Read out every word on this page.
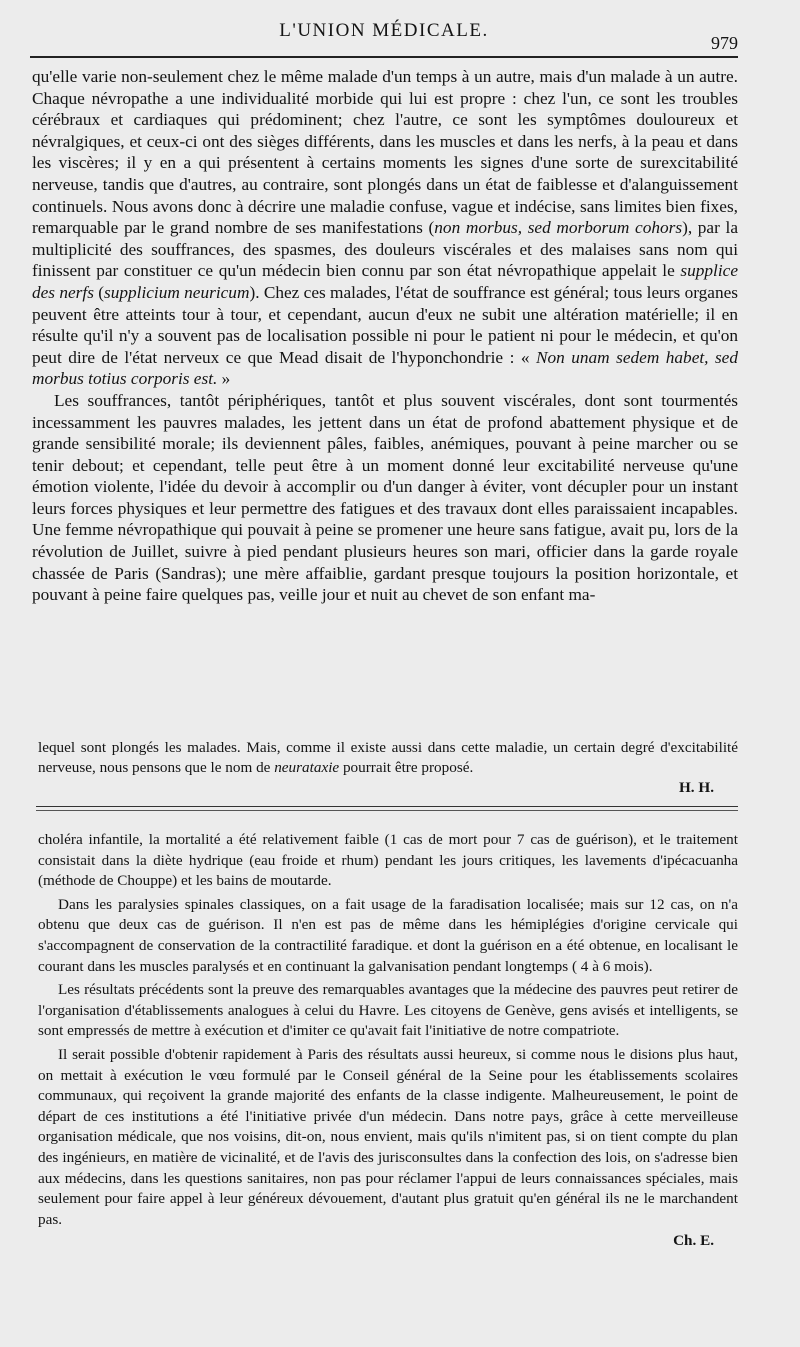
L'UNION MÉDICALE.
979

qu'elle varie non-seulement chez le même malade d'un temps à un autre, mais d'un malade à un autre. Chaque névropathe a une individualité morbide qui lui est propre : chez l'un, ce sont les troubles cérébraux et cardiaques qui prédominent; chez l'autre, ce sont les symptômes douloureux et névralgiques, et ceux-ci ont des sièges différents, dans les muscles et dans les nerfs, à la peau et dans les viscères; il y en a qui présentent à certains moments les signes d'une sorte de surexcitabilité nerveuse, tandis que d'autres, au contraire, sont plongés dans un état de faiblesse et d'alanguissement continuels. Nous avons donc à décrire une maladie confuse, vague et indécise, sans limites bien fixes, remarquable par le grand nombre de ses manifestations (non morbus, sed morborum cohors), par la multiplicité des souffrances, des spasmes, des douleurs viscérales et des malaises sans nom qui finissent par constituer ce qu'un médecin bien connu par son état névropathique appelait le supplice des nerfs (supplicium neuricum). Chez ces malades, l'état de souffrance est général; tous leurs organes peuvent être atteints tour à tour, et cependant, aucun d'eux ne subit une altération matérielle; il en résulte qu'il n'y a souvent pas de localisation possible ni pour le patient ni pour le médecin, et qu'on peut dire de l'état nerveux ce que Mead disait de l'hyponchondrie : « Non unam sedem habet, sed morbus totius corporis est. »

Les souffrances, tantôt périphériques, tantôt et plus souvent viscérales, dont sont tourmentés incessamment les pauvres malades, les jettent dans un état de profond abattement physique et de grande sensibilité morale; ils deviennent pâles, faibles, anémiques, pouvant à peine marcher ou se tenir debout; et cependant, telle peut être à un moment donné leur excitabilité nerveuse qu'une émotion violente, l'idée du devoir à accomplir ou d'un danger à éviter, vont décupler pour un instant leurs forces physiques et leur permettre des fatigues et des travaux dont elles paraissaient incapables. Une femme névropathique qui pouvait à peine se promener une heure sans fatigue, avait pu, lors de la révolution de Juillet, suivre à pied pendant plusieurs heures son mari, officier dans la garde royale chassée de Paris (Sandras); une mère affaiblie, gardant presque toujours la position horizontale, et pouvant à peine faire quelques pas, veille jour et nuit au chevet de son enfant ma-

lequel sont plongés les malades. Mais, comme il existe aussi dans cette maladie, un certain degré d'excitabilité nerveuse, nous pensons que le nom de neurataxie pourrait être proposé.

H. H.

choléra infantile, la mortalité a été relativement faible (1 cas de mort pour 7 cas de guérison), et le traitement consistait dans la diète hydrique (eau froide et rhum) pendant les jours critiques, les lavements d'ipécacuanha (méthode de Chouppe) et les bains de moutarde.

Dans les paralysies spinales classiques, on a fait usage de la faradisation localisée; mais sur 12 cas, on n'a obtenu que deux cas de guérison. Il n'en est pas de même dans les hémiplégies d'origine cervicale qui s'accompagnent de conservation de la contractilité faradique. et dont la guérison en a été obtenue, en localisant le courant dans les muscles paralysés et en continuant la galvanisation pendant longtemps ( 4 à 6 mois).

Les résultats précédents sont la preuve des remarquables avantages que la médecine des pauvres peut retirer de l'organisation d'établissements analogues à celui du Havre. Les citoyens de Genève, gens avisés et intelligents, se sont empressés de mettre à exécution et d'imiter ce qu'avait fait l'initiative de notre compatriote.

Il serait possible d'obtenir rapidement à Paris des résultats aussi heureux, si comme nous le disions plus haut, on mettait à exécution le vœu formulé par le Conseil général de la Seine pour les établissements scolaires communaux, qui reçoivent la grande majorité des enfants de la classe indigente. Malheureusement, le point de départ de ces institutions a été l'initiative privée d'un médecin. Dans notre pays, grâce à cette merveilleuse organisation médicale, que nos voisins, dit-on, nous envient, mais qu'ils n'imitent pas, si on tient compte du plan des ingénieurs, en matière de vicinalité, et de l'avis des jurisconsultes dans la confection des lois, on s'adresse bien aux médecins, dans les questions sanitaires, non pas pour réclamer l'appui de leurs connaissances spéciales, mais seulement pour faire appel à leur généreux dévouement, d'autant plus gratuit qu'en général ils ne le marchandent pas.

Ch. E.
